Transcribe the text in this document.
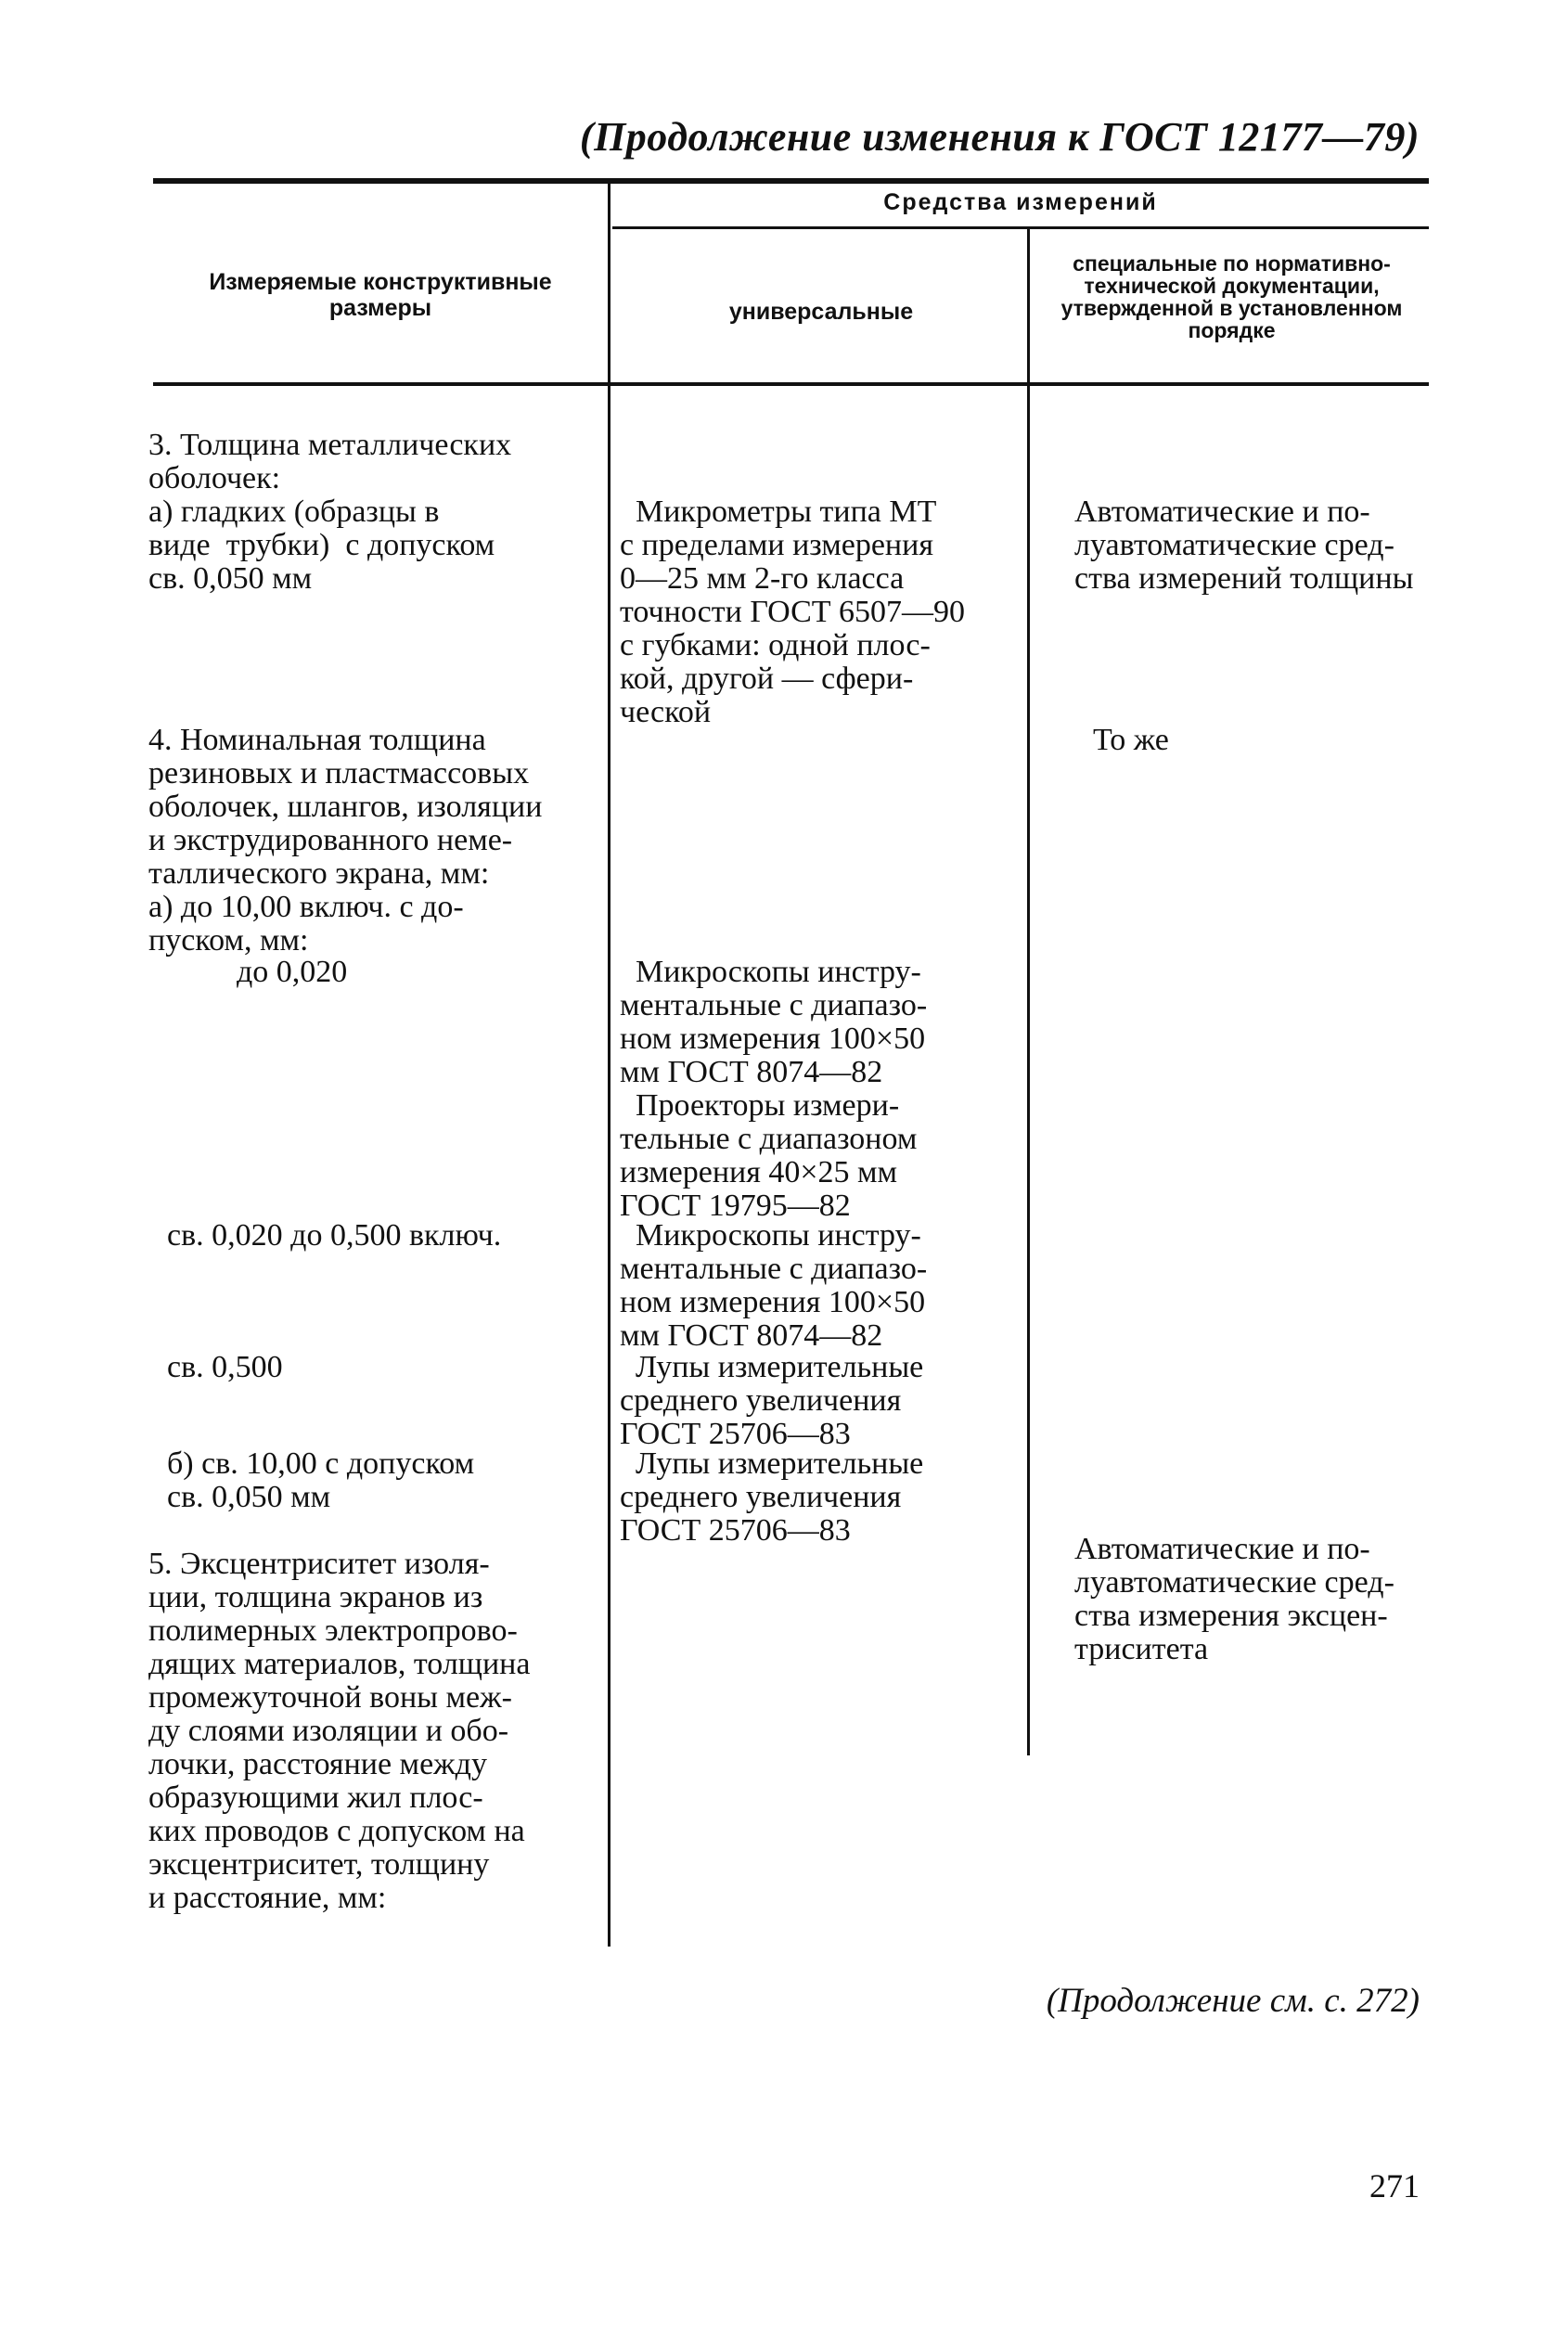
(Продолжение изменения к ГОСТ 12177—79)
Средства измерений
Измеряемые конструктивные размеры	универсальные
специальные по нормативно-технической документации, утвержденной в установленном порядке
3. Толщина металлических
оболочек:
а) гладких (образцы в
виде  трубки)  с допуском
св. 0,050 мм
4. Номинальная толщина
резиновых и пластмассовых
оболочек, шлангов, изоляции
и экструдированного неме-
таллического экрана, мм:
а) до 10,00 включ. с до-
пуском, мм:
до 0,020
св. 0,020 до 0,500 включ.
св. 0,500
б) св. 10,00 с допуском
св. 0,050 мм
5. Эксцентриситет изоля-
ции, толщина экранов из
полимерных электропрово-
дящих материалов, толщина
промежуточной воны меж-
ду слоями изоляции и обо-
лочки, расстояние между
образующими жил плос-
ких проводов с допуском на
эксцентриситет, толщину
и расстояние, мм:
Микрометры типа МТ
с пределами измерения
0—25 мм 2-го класса
точности ГОСТ 6507—90
с губками: одной плос-
кой, другой — сфери-
ческой
Микроскопы инстру-
ментальные с диапазо-
ном измерения 100×50
мм ГОСТ 8074—82
Проекторы измери-
тельные с диапазоном
измерения 40×25 мм
ГОСТ 19795—82
Микроскопы инстру-
ментальные с диапазо-
ном измерения 100×50
мм ГОСТ 8074—82
Лупы измерительные
среднего увеличения
ГОСТ 25706—83
Лупы измерительные
среднего увеличения
ГОСТ 25706—83
Автоматические и по-
луавтоматические сред-
ства измерений толщины
То же
Автоматические и по-
луавтоматические сред-
ства измерения эксцен-
триситета
(Продолжение см. с. 272)
271
